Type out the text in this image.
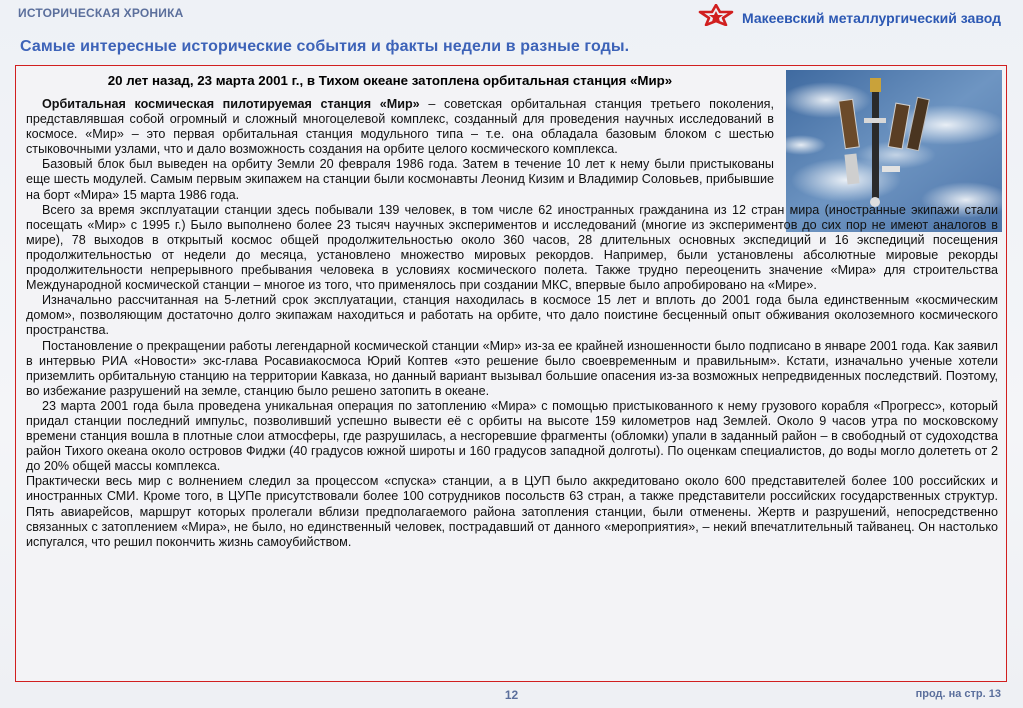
ИСТОРИЧЕСКАЯ ХРОНИКА	Макеевский металлургический завод
Самые интересные исторические события и факты недели в разные годы.
20 лет назад, 23 марта 2001 г., в Тихом океане затоплена орбитальная станция «Мир»

Орбитальная космическая пилотируемая станция «Мир» – советская орбитальная станция третьего поколения, представлявшая собой огромный и сложный многоцелевой комплекс, созданный для проведения научных исследований в космосе. «Мир» – это первая орбитальная станция модульного типа – т.е. она обладала базовым блоком с шестью стыковочными узлами, что и дало возможность создания на орбите целого космического комплекса.

Базовый блок был выведен на орбиту Земли 20 февраля 1986 года. Затем в течение 10 лет к нему были пристыкованы еще шесть модулей. Самым первым экипажем на станции были космонавты Леонид Кизим и Владимир Соловьев, прибывшие на борт «Мира» 15 марта 1986 года.

Всего за время эксплуатации станции здесь побывали 139 человек, в том числе 62 иностранных гражданина из 12 стран мира (иностранные экипажи стали посещать «Мир» с 1995 г.) Было выполнено более 23 тысяч научных экспериментов и исследований (многие из экспериментов до сих пор не имеют аналогов в мире), 78 выходов в открытый космос общей продолжительностью около 360 часов, 28 длительных основных экспедиций и 16 экспедиций посещения продолжительностью от недели до месяца, установлено множество мировых рекордов. Например, были установлены абсолютные мировые рекорды продолжительности непрерывного пребывания человека в условиях космического полета. Также трудно переоценить значение «Мира» для строительства Международной космической станции – многое из того, что применялось при создании МКС, впервые было апробировано на «Мире».

Изначально рассчитанная на 5-летний срок эксплуатации, станция находилась в космосе 15 лет и вплоть до 2001 года была единственным «космическим домом», позволяющим достаточно долго экипажам находиться и работать на орбите, что дало поистине бесценный опыт обживания околоземного космического пространства.

Постановление о прекращении работы легендарной космической станции «Мир» из-за ее крайней изношенности было подписано в январе 2001 года. Как заявил в интервью РИА «Новости» экс-глава Росавиакосмоса Юрий Коптев «это решение было своевременным и правильным». Кстати, изначально ученые хотели приземлить орбитальную станцию на территории Кавказа, но данный вариант вызывал большие опасения из-за возможных непредвиденных последствий. Поэтому, во избежание разрушений на земле, станцию было решено затопить в океане.

23 марта 2001 года была проведена уникальная операция по затоплению «Мира» с помощью пристыкованного к нему грузового корабля «Прогресс», который придал станции последний импульс, позволивший успешно вывести её с орбиты на высоте 159 километров над Землей. Около 9 часов утра по московскому времени станция вошла в плотные слои атмосферы, где разрушилась, а несгоревшие фрагменты (обломки) упали в заданный район – в свободный от судоходства район Тихого океана около островов Фиджи (40 градусов южной широты и 160 градусов западной долготы). По оценкам специалистов, до воды могло долететь от 2 до 20% общей массы комплекса.

Практически весь мир с волнением следил за процессом «спуска» станции, а в ЦУП было аккредитовано около 600 представителей более 100 российских и иностранных СМИ. Кроме того, в ЦУПе присутствовали более 100 сотрудников посольств 63 стран, а также представители российских государственных структур. Пять авиарейсов, маршрут которых пролегали вблизи предполагаемого района затопления станции, были отменены. Жертв и разрушений, непосредственно связанных с затоплением «Мира», не было, но единственный человек, пострадавший от данного «мероприятия», – некий впечатлительный тайванец. Он настолько испугался, что решил покончить жизнь самоубийством.

12	прод. на стр. 13
